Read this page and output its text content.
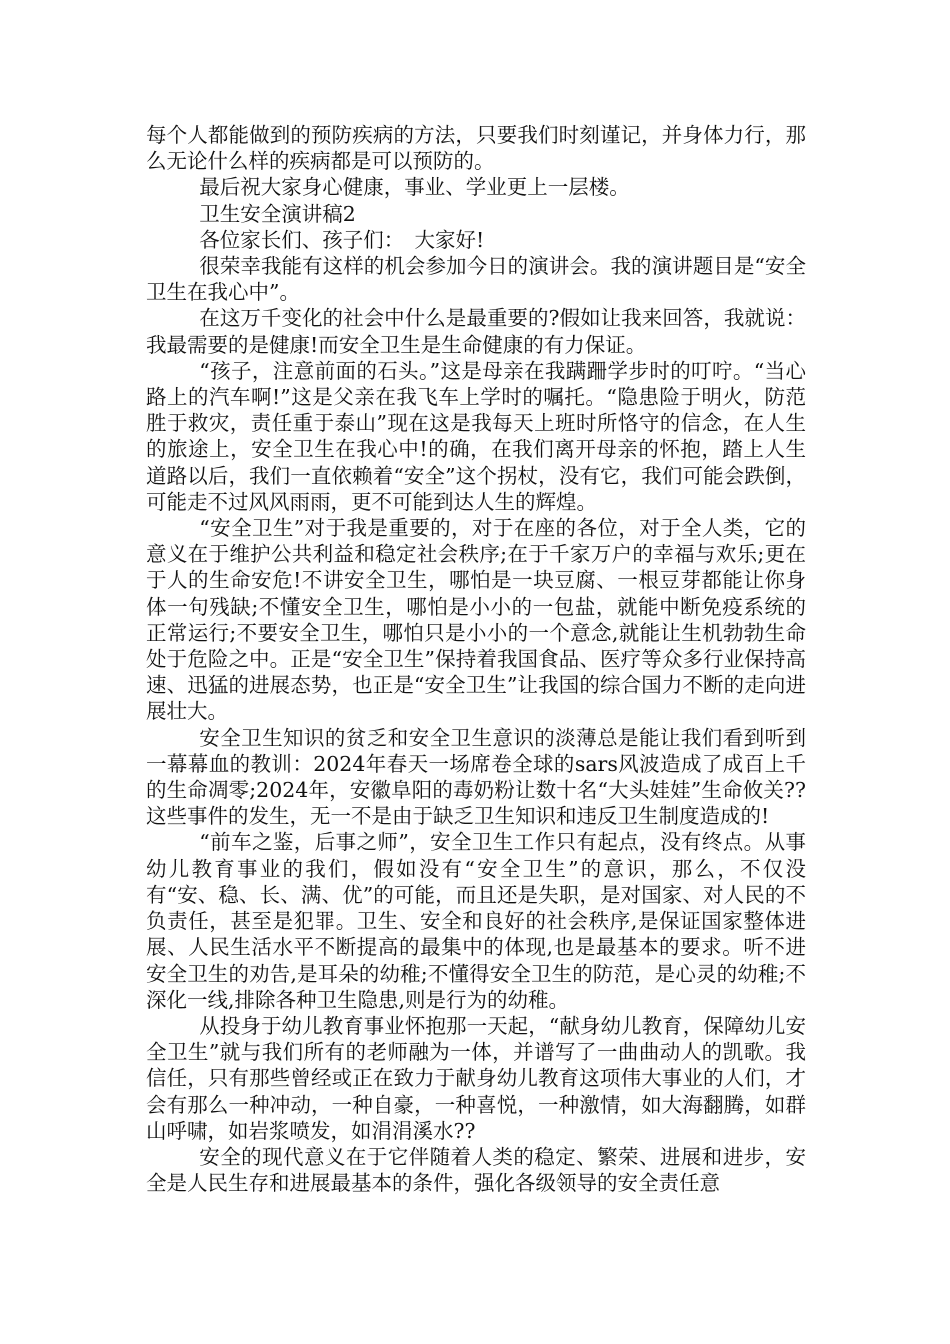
每个人都能做到的预防疾病的方法，只要我们时刻谨记，并身体力行，那么无论什么样的疾病都是可以预防的。

最后祝大家身心健康，事业、学业更上一层楼。

卫生安全演讲稿2

各位家长们、孩子们：　大家好!

很荣幸我能有这样的机会参加今日的演讲会。我的演讲题目是“安全卫生在我心中”。

在这万千变化的社会中什么是最重要的?假如让我来回答，我就说：我最需要的是健康!而安全卫生是生命健康的有力保证。

“孩子，注意前面的石头。”这是母亲在我蹒跚学步时的叮咛。“当心路上的汽车啊!”这是父亲在我飞车上学时的嘱托。“隐患险于明火，防范胜于救灾，责任重于泰山”现在这是我每天上班时所恪守的信念，在人生的旅途上，安全卫生在我心中!的确，在我们离开母亲的怀抱，踏上人生道路以后，我们一直依赖着“安全”这个拐杖，没有它，我们可能会跌倒，可能走不过风风雨雨，更不可能到达人生的辉煌。

“安全卫生”对于我是重要的，对于在座的各位，对于全人类，它的意义在于维护公共利益和稳定社会秩序;在于千家万户的幸福与欢乐;更在于人的生命安危!不讲安全卫生，哪怕是一块豆腐、一根豆芽都能让你身体一句残缺;不懂安全卫生，哪怕是小小的一包盐，就能中断免疫系统的正常运行;不要安全卫生，哪怕只是小小的一个意念,就能让生机勃勃生命处于危险之中。正是“安全卫生”保持着我国食品、医疗等众多行业保持高速、迅猛的进展态势，也正是“安全卫生”让我国的综合国力不断的走向进展壮大。

安全卫生知识的贫乏和安全卫生意识的淡薄总是能让我们看到听到一幕幕血的教训：2024年春天一场席卷全球的sars风波造成了成百上千的生命凋零;2024年，安徽阜阳的毒奶粉让数十名“大头娃娃”生命攸关??这些事件的发生，无一不是由于缺乏卫生知识和违反卫生制度造成的!

“前车之鉴，后事之师”，安全卫生工作只有起点，没有终点。从事幼儿教育事业的我们，假如没有“安全卫生”的意识，那么，不仅没有“安、稳、长、满、优”的可能，而且还是失职，是对国家、对人民的不负责任，甚至是犯罪。卫生、安全和良好的社会秩序,是保证国家整体进展、人民生活水平不断提高的最集中的体现,也是最基本的要求。听不进安全卫生的劝告,是耳朵的幼稚;不懂得安全卫生的防范，是心灵的幼稚;不深化一线,排除各种卫生隐患,则是行为的幼稚。

从投身于幼儿教育事业怀抱那一天起，“献身幼儿教育，保障幼儿安全卫生”就与我们所有的老师融为一体，并谱写了一曲曲动人的凯歌。我信任，只有那些曾经或正在致力于献身幼儿教育这项伟大事业的人们，才会有那么一种冲动，一种自豪，一种喜悦，一种激情，如大海翻腾，如群山呼啸，如岩浆喷发，如涓涓溪水??

安全的现代意义在于它伴随着人类的稳定、繁荣、进展和进步，安全是人民生存和进展最基本的条件，强化各级领导的安全责任意
